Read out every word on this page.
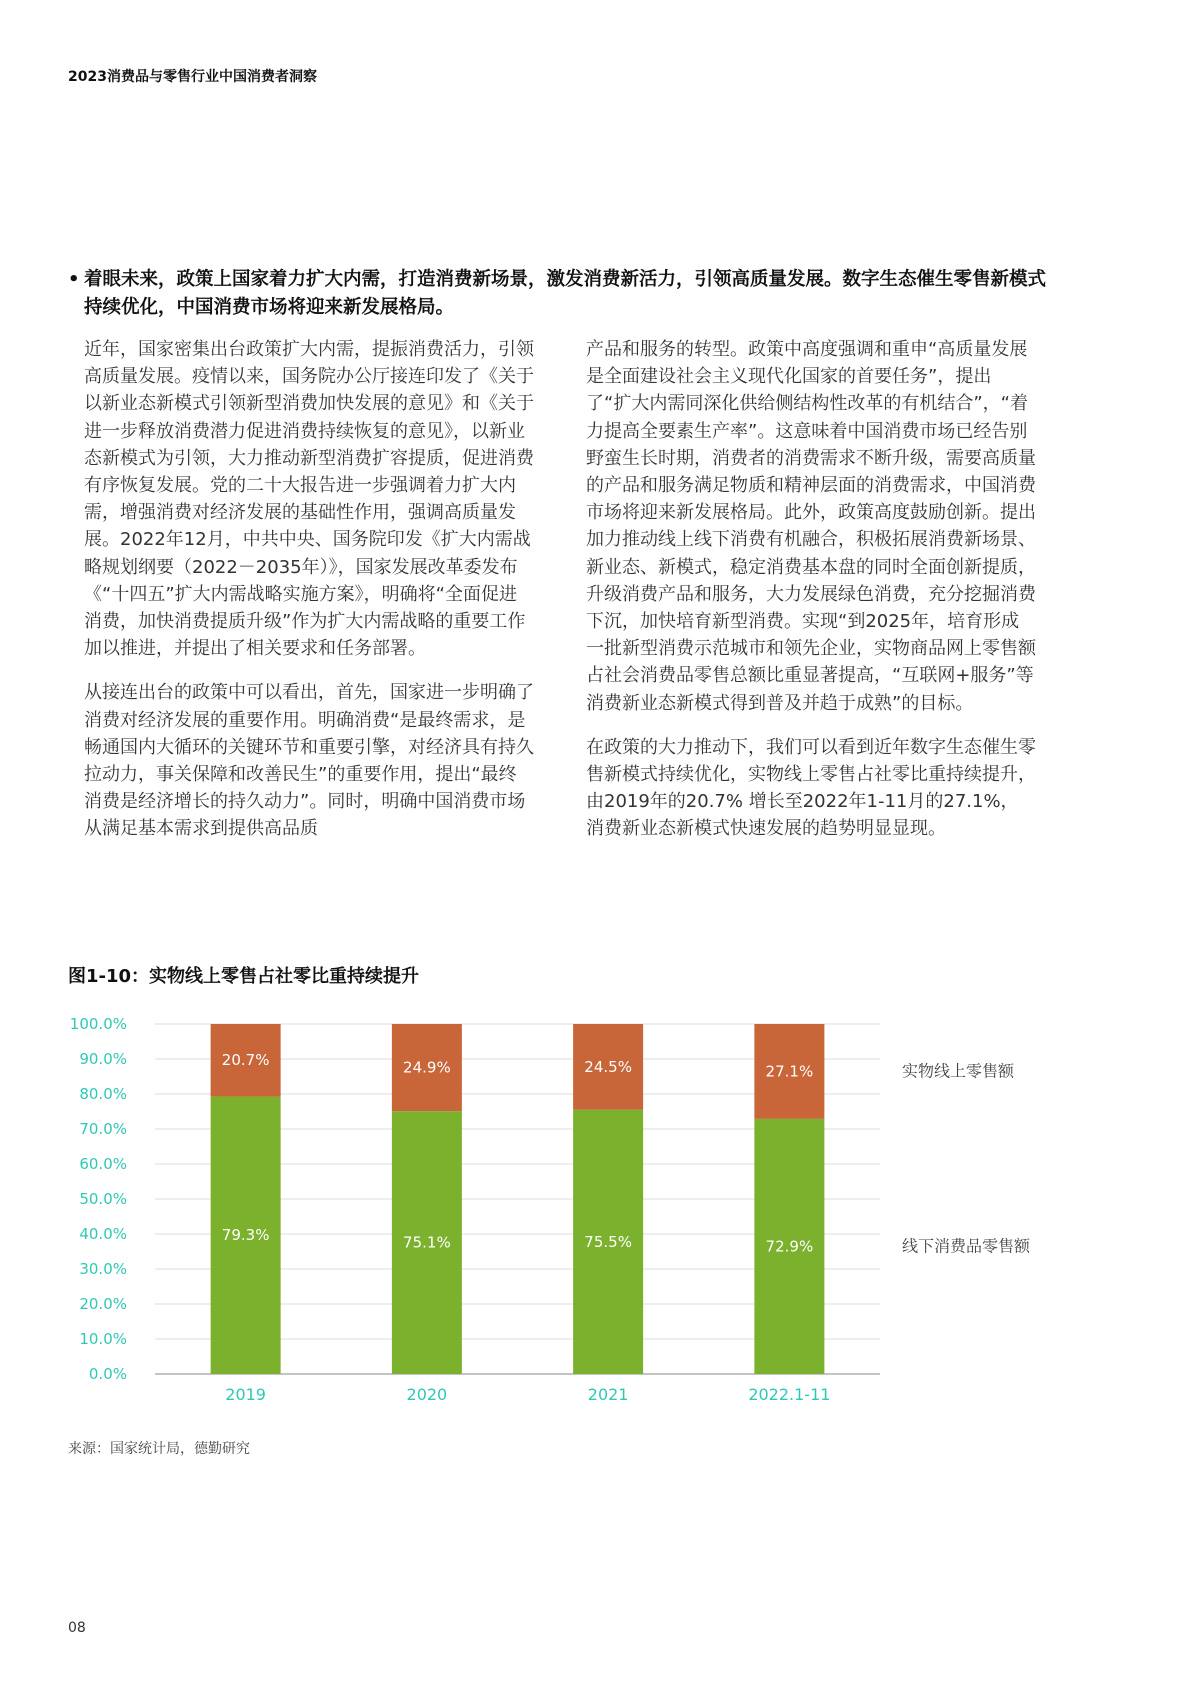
2023消费品与零售行业中国消费者洞察
• 着眼未来，政策上国家着力扩大内需，打造消费新场景，激发消费新活力，引领高质量发展。数字生态催生零售新模式持续优化，中国消费市场将迎来新发展格局。

近年，国家密集出台政策扩大内需，提振消费活力，引领高质量发展。疫情以来，国务院办公厅接连印发了《关于以新业态新模式引领新型消费加快发展的意见》和《关于进一步释放消费潜力促进消费持续恢复的意见》，以新业态新模式为引领，大力推动新型消费扩容提质，促进消费有序恢复发展。党的二十大报告进一步强调着力扩大内需，增强消费对经济发展的基础性作用，强调高质量发展。2022年12月，中共中央、国务院印发《扩大内需战略规划纲要（2022－2035年）》，国家发展改革委发布《“十四五”扩大内需战略实施方案》，明确将“全面促进消费，加快消费提质升级”作为扩大内需战略的重要工作加以推进，并提出了相关要求和任务部署。

从接连出台的政策中可以看出，首先，国家进一步明确了消费对经济发展的重要作用。明确消费“是最终需求，是畅通国内大循环的关键环节和重要引擎，对经济具有持久拉动力，事关保障和改善民生”的重要作用，提出“最终消费是经济增长的持久动力”。同时，明确中国消费市场从满足基本需求到提供高品质

产品和服务的转型。政策中高度强调和重申“高质量发展是全面建设社会主义现代化国家的首要任务”，提出了“扩大内需同深化供给侧结构性改革的有机结合”，“着力提高全要素生产率”。这意味着中国消费市场已经告别野蛮生长时期，消费者的消费需求不断升级，需要高质量的产品和服务满足物质和精神层面的消费需求，中国消费市场将迎来新发展格局。此外，政策高度鼓励创新。提出加力推动线上线下消费有机融合，积极拓展消费新场景、新业态、新模式，稳定消费基本盘的同时全面创新提质，升级消费产品和服务，大力发展绿色消费，充分挖掘消费下沉，加快培育新型消费。实现“到2025年，培育形成一批新型消费示范城市和领先企业，实物商品网上零售额占社会消费品零售总额比重显著提高，“互联网+服务”等消费新业态新模式得到普及并趋于成熟”的目标。

在政策的大力推动下，我们可以看到近年数字生态催生零售新模式持续优化，实物线上零售占社零比重持续提升，由2019年的20.7% 增长至2022年1-11月的27.1%，消费新业态新模式快速发展的趋势明显显现。

图1-10：实物线上零售占社零比重持续提升
0.0%
10.0%
20.0%
30.0%
40.0%
50.0%
60.0%
70.0%
80.0%
90.0%
100.0%
79.3%
20.7%
2019
75.1%
24.9%
2020
75.5%
24.5%
2021
72.9%
27.1%
2022.1-11
线下消费品零售额
实物线上零售额
来源：国家统计局，德勤研究
08
